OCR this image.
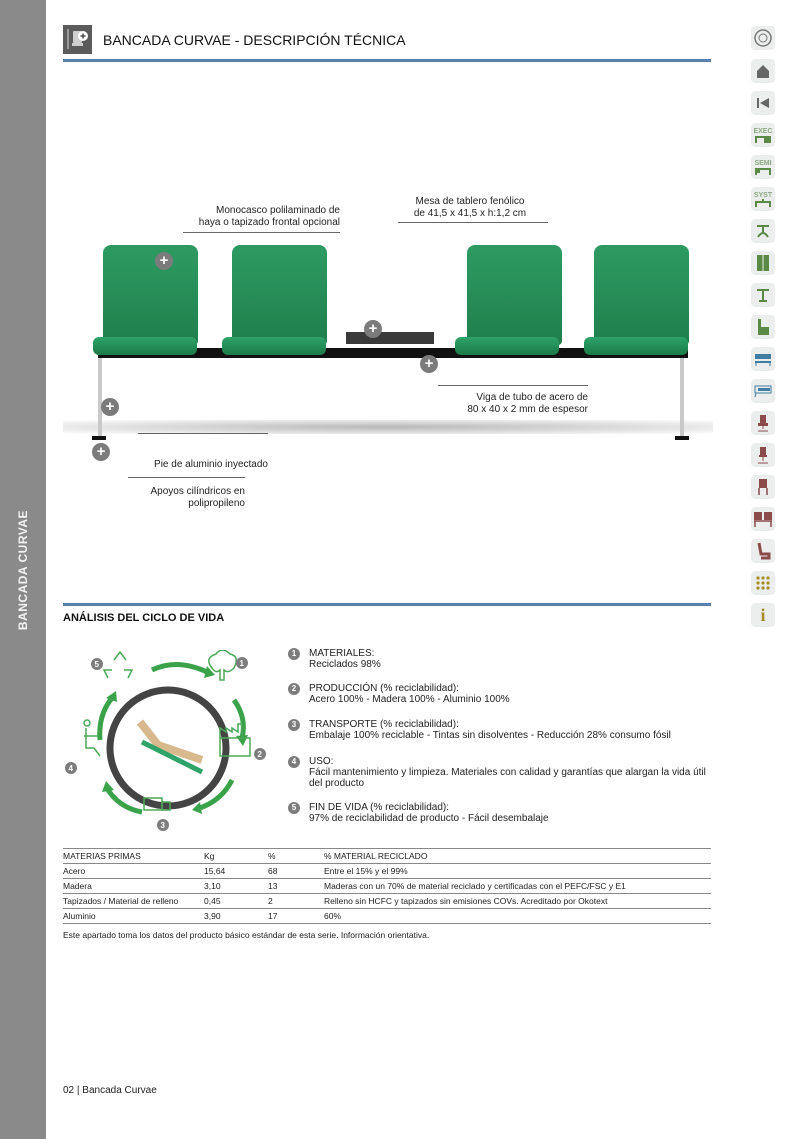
BANCADA CURVAE
BANCADA CURVAE - DESCRIPCIÓN TÉCNICA
Monocasco polilaminado de
haya o tapizado frontal opcional
Mesa de tablero fenólico
de 41,5 x 41,5 x h:1,2 cm
+
+
+
+
+
Viga de tubo de acero de
80 x 40 x 2 mm de espesor
Pie de aluminio inyectado
Apoyos cilíndricos en
polipropileno
ANÁLISIS DEL CICLO DE VIDA
1
2
3
4
5
1	MATERIALES:
Reciclados 98%
2	PRODUCCIÓN (% reciclabilidad):
Acero 100% - Madera 100% - Aluminio 100%
3	TRANSPORTE (% reciclabilidad):
Embalaje 100% reciclable - Tintas sin disolventes - Reducción 28% consumo fósil
4	USO:
Fácil mantenimiento y limpieza. Materiales con calidad y garantías que alargan la vida útil del producto
5	FIN DE VIDA (% reciclabilidad):
97% de reciclabilidad de producto - Fácil desembalaje
MATERIAS PRIMAS	Kg	%	% MATERIAL RECICLADO
Acero	15,64	68	Entre el 15% y el 99%
Madera	3,10	13	Maderas con un 70% de material reciclado y certificadas con el PEFC/FSC y E1
Tapizados / Material de relleno	0,45	2	Relleno sin HCFC y tapizados sin emisiones COVs. Acreditado por Okotext
Aluminio	3,90	17	60%
Este apartado toma los datos del producto básico estándar de esta serie. Información orientativa.
02 | Bancada Curvae
EXEC
SEMI
SYST
i
